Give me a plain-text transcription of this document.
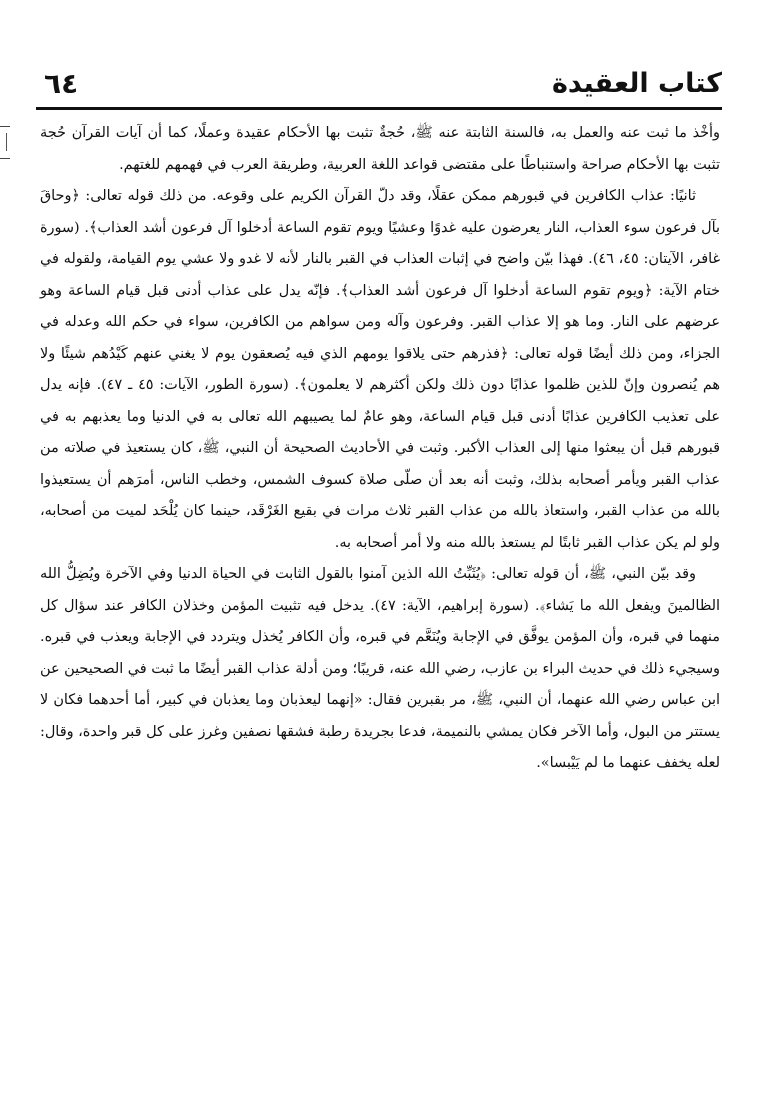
كتاب العقيدة
٦٤

وأخْذ ما ثبت عنه والعمل به، فالسنة الثابتة عنه ﷺ، حُجةٌ تثبت بها الأحكام عقيدة وعملًا، كما أن آيات القرآن حُجة تثبت بها الأحكام صراحة واستنباطًا على مقتضى قواعد اللغة العربية، وطريقة العرب في فهمهم للغتهم.

ثانيًا: عذاب الكافرين في قبورهم ممكن عقلًا، وقد دلّ القرآن الكريم على وقوعه. من ذلك قوله تعالى: ﴿وحاقَ بآل فرعون سوء العذاب، النار يعرضون عليه غدوًا وعشيًا ويوم تقوم الساعة أدخلوا آل فرعون أشد العذاب﴾. (سورة غافر، الآيتان: ٤٥، ٤٦). فهذا بيّن واضح في إثبات العذاب في القبر بالنار لأنه لا غدو ولا عشي يوم القيامة، ولقوله في ختام الآية: ﴿ويوم تقوم الساعة أدخلوا آل فرعون أشد العذاب﴾. فإنّه يدل على عذاب أدنى قبل قيام الساعة وهو عرضهم على النار. وما هو إلا عذاب القبر. وفرعون وآله ومن سواهم من الكافرين، سواء في حكم الله وعدله في الجزاء، ومن ذلك أيضًا قوله تعالى: ﴿فذرهم حتى يلاقوا يومهم الذي فيه يُصعقون يوم لا يغني عنهم كَيْدُهم شيئًا ولا هم يُنصرون وإنّ للذين ظلموا عذابًا دون ذلك ولكن أكثرهم لا يعلمون﴾. (سورة الطور، الآيات: ٤٥ ـ ٤٧). فإنه يدل على تعذيب الكافرين عذابًا أدنى قبل قيام الساعة، وهو عامٌ لما يصيبهم الله تعالى به في الدنيا وما يعذبهم به في قبورهم قبل أن يبعثوا منها إلى العذاب الأكبر. وثبت في الأحاديث الصحيحة أن النبي، ﷺ، كان يستعيذ في صلاته من عذاب القبر ويأمر أصحابه بذلك، وثبت أنه بعد أن صلّى صلاة كسوف الشمس، وخطب الناس، أمرَهم أن يستعيذوا بالله من عذاب القبر، واستعاذ بالله من عذاب القبر ثلاث مرات في بقيع الغَرْقَد، حينما كان يُلْحَد لميت من أصحابه، ولو لم يكن عذاب القبر ثابتًا لم يستعذ بالله منه ولا أمر أصحابه به.

وقد بيّن النبي، ﷺ، أن قوله تعالى: ﴿يُثَبِّتُ الله الذين آمنوا بالقول الثابت في الحياة الدنيا وفي الآخرة ويُضِلُّ الله الظالمينَ ويفعل الله ما يَشاء﴾. (سورة إبراهيم، الآية: ٤٧). يدخل فيه تثبيت المؤمن وخذلان الكافر عند سؤال كل منهما في قبره، وأن المؤمن يوفَّق في الإجابة ويُنَعَّم في قبره، وأن الكافر يُخذل ويتردد في الإجابة ويعذب في قبره. وسيجيء ذلك في حديث البراء بن عازب، رضي الله عنه، قريبًا؛ ومن أدلة عذاب القبر أيضًا ما ثبت في الصحيحين عن ابن عباس رضي الله عنهما، أن النبي، ﷺ، مر بقبرين فقال: «إنهما ليعذبان وما يعذبان في كبير، أما أحدهما فكان لا يستتر من البول، وأما الآخر فكان يمشي بالنميمة، فدعا بجريدة رطبة فشقها نصفين وغرز على كل قبر واحدة، وقال: لعله يخفف عنهما ما لم يَيْبسا».
